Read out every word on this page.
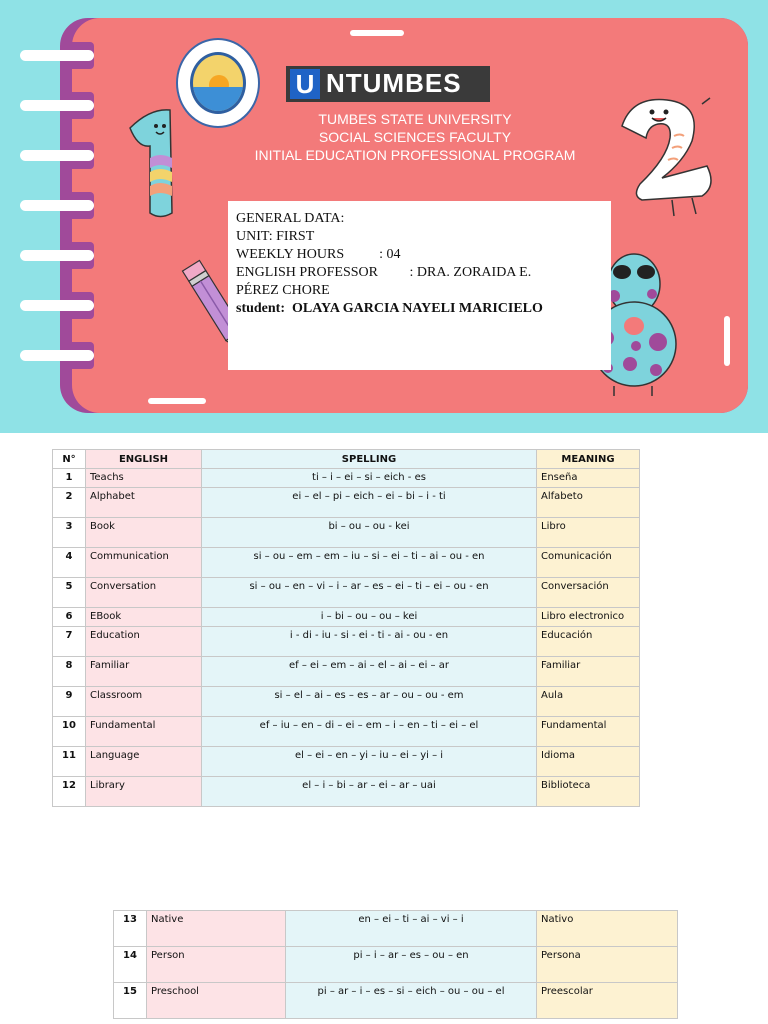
U NTUMBES
TUMBES STATE UNIVERSITY
SOCIAL SCIENCES FACULTY
INITIAL EDUCATION PROFESSIONAL PROGRAM
GENERAL DATA:
UNIT: FIRST
WEEKLY HOURS          : 04
ENGLISH PROFESSOR         : DRA. ZORAIDA E.
PÉREZ CHORE
student:  OLAYA GARCIA NAYELI MARICIELO
N°	ENGLISH	SPELLING	MEANING

1	Teachs	ti – i – ei – si – eich - es	Enseña

2	Alphabet	ei – el – pi – eich – ei – bi – i - ti	Alfabeto

3	Book	bi – ou – ou - kei	Libro

4	Communication	si – ou – em – em – iu – si – ei – ti – ai – ou - en	Comunicación

5	Conversation	si – ou – en – vi – i – ar – es – ei – ti – ei – ou - en	Conversación

6	EBook	i – bi – ou – ou – kei	Libro electronico

7	Education	i - di - iu - si - ei - ti - ai - ou - en	Educación

8	Familiar	ef – ei – em – ai – el – ai – ei – ar	Familiar

9	Classroom	si – el – ai – es – es – ar – ou – ou - em	Aula

10	Fundamental	ef – iu – en – di – ei – em – i – en – ti – ei – el	Fundamental

11	Language	el – ei – en – yi – iu – ei – yi – i	Idioma

12	Library	el – i – bi – ar – ei – ar – uai	Biblioteca
13	Native	en – ei – ti – ai – vi – i	Nativo

14	Person	pi – i – ar – es – ou – en	Persona

15	Preschool	pi – ar – i – es – si – eich – ou – ou – el	Preescolar
